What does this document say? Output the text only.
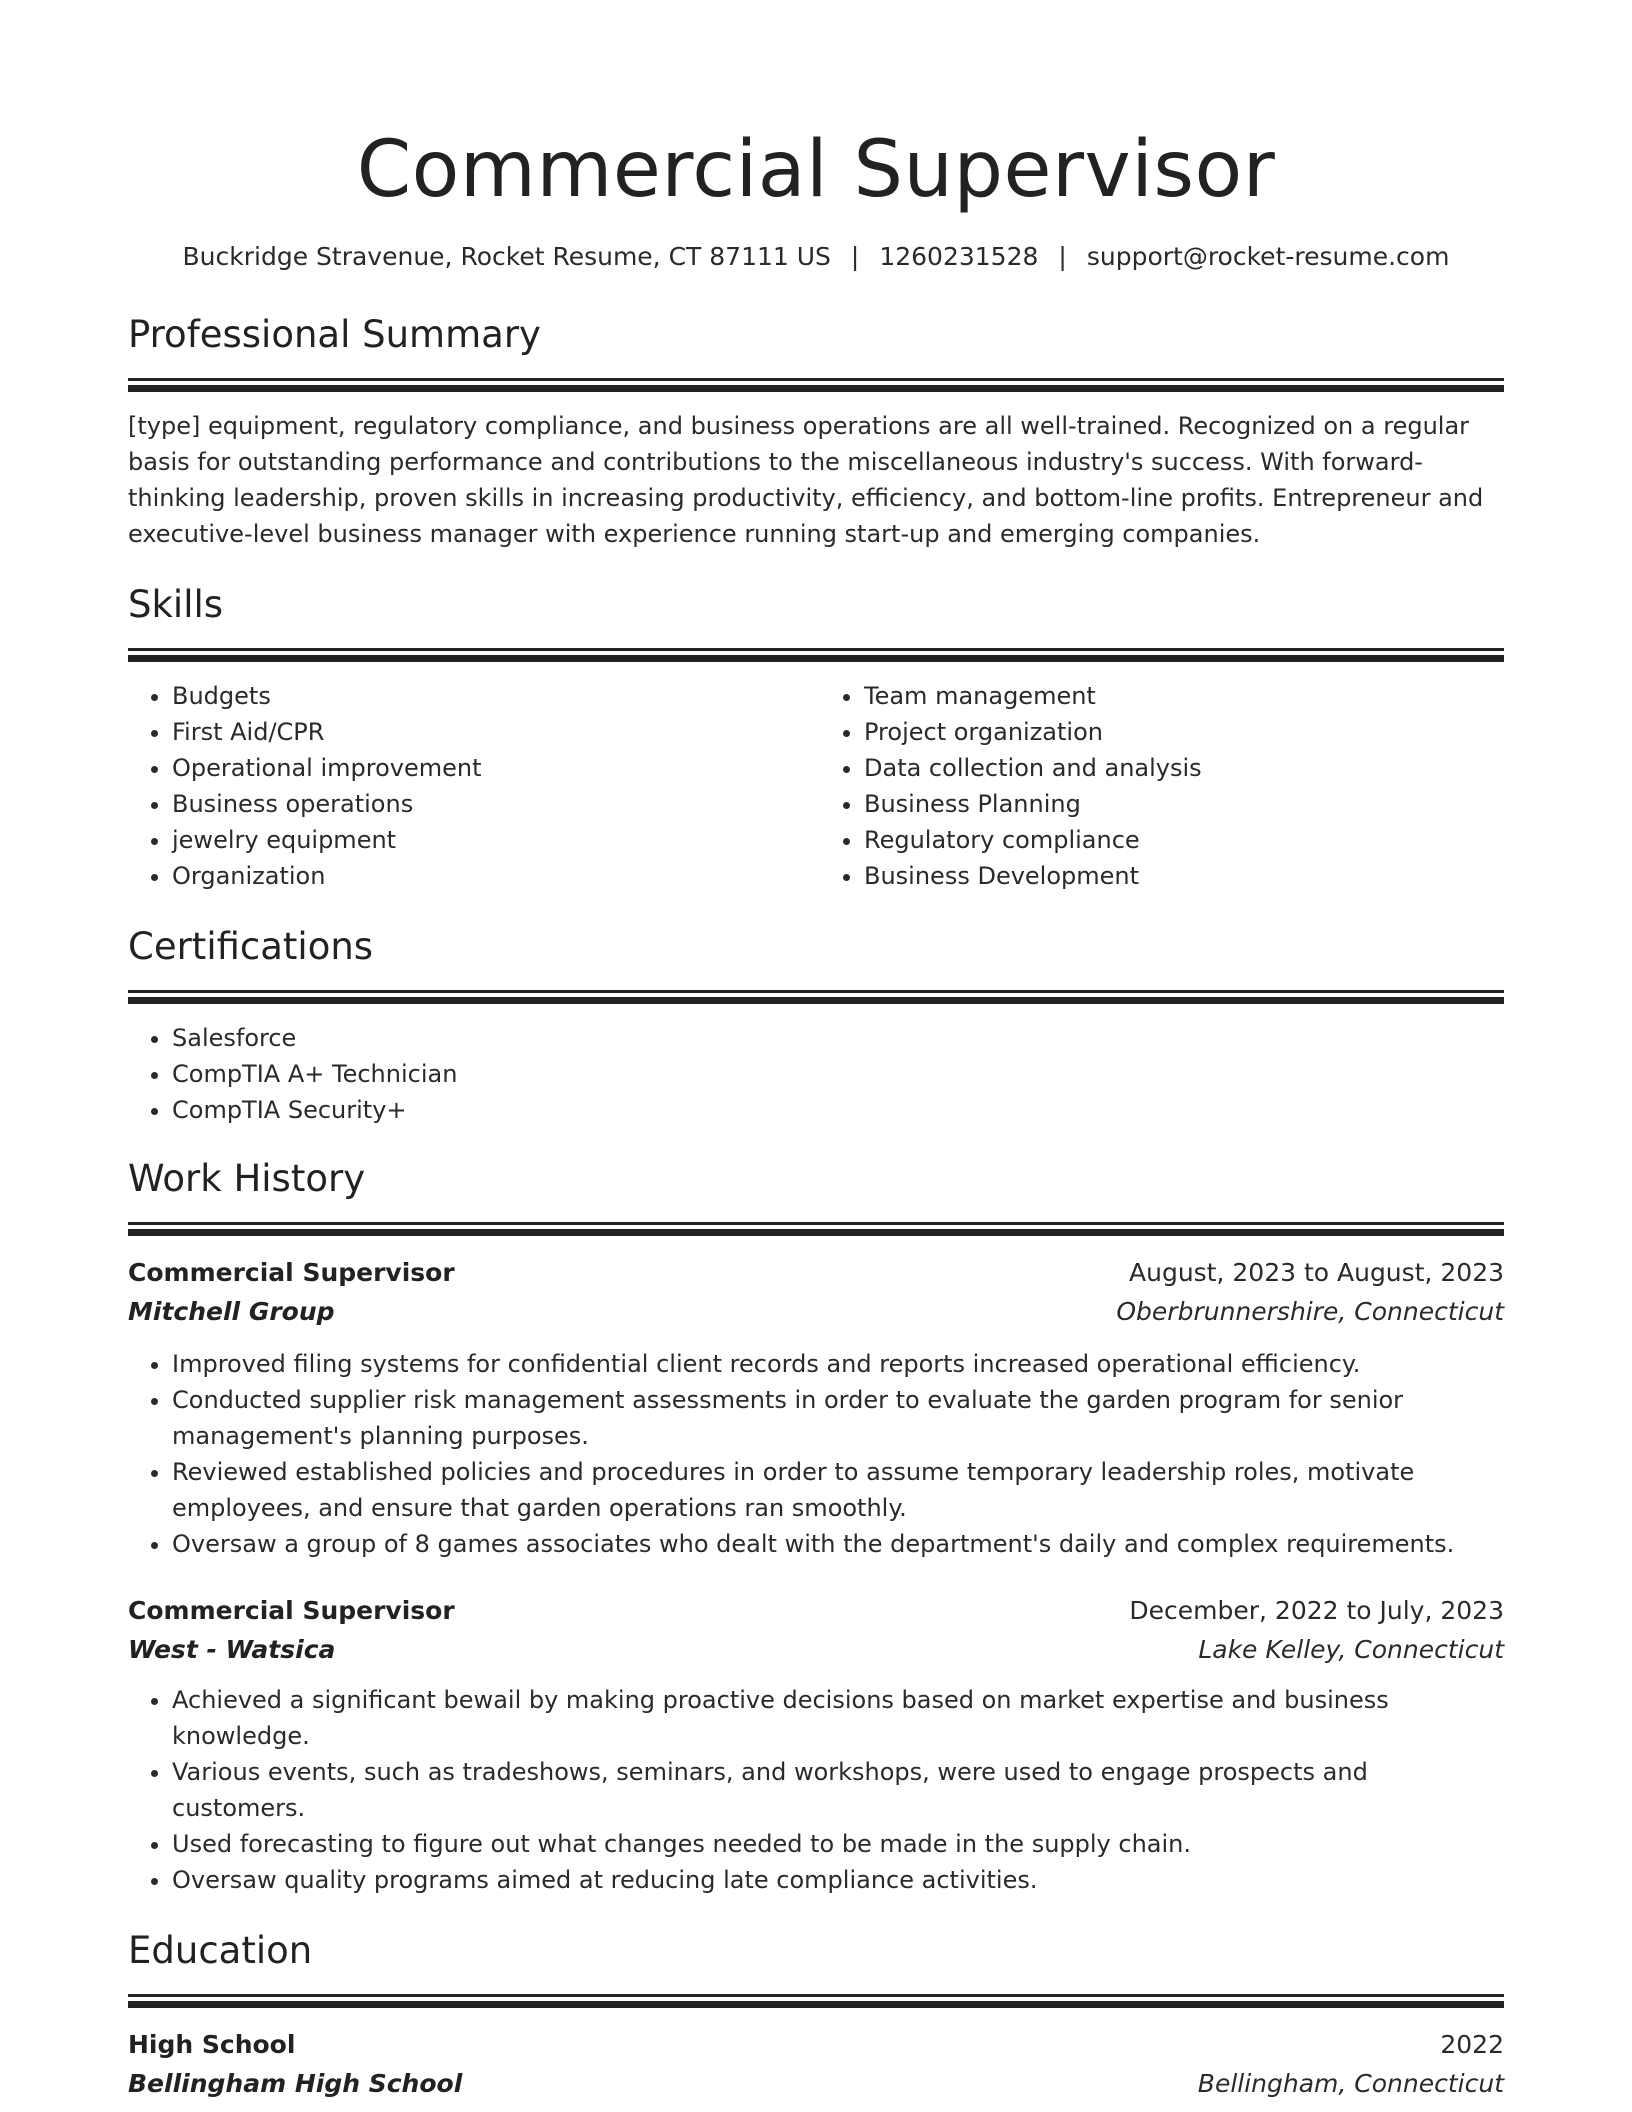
Commercial Supervisor
Buckridge Stravenue, Rocket Resume, CT 87111 US | 1260231528 | support@rocket-resume.com
Professional Summary

[type] equipment, regulatory compliance, and business operations are all well-trained. Recognized on a regular basis for outstanding performance and contributions to the miscellaneous industry's success. With forward-thinking leadership, proven skills in increasing productivity, efficiency, and bottom-line profits. Entrepreneur and executive-level business manager with experience running start-up and emerging companies.

Skills
• Budgets
• First Aid/CPR
• Operational improvement
• Business operations
• jewelry equipment
• Organization
• Team management
• Project organization
• Data collection and analysis
• Business Planning
• Regulatory compliance
• Business Development
Certifications
• Salesforce
• CompTIA A+ Technician
• CompTIA Security+
Work History
Commercial Supervisor	August, 2023 to August, 2023
Mitchell Group	Oberbrunnershire, Connecticut
• Improved filing systems for confidential client records and reports increased operational efficiency.
• Conducted supplier risk management assessments in order to evaluate the garden program for senior management's planning purposes.
• Reviewed established policies and procedures in order to assume temporary leadership roles, motivate employees, and ensure that garden operations ran smoothly.
• Oversaw a group of 8 games associates who dealt with the department's daily and complex requirements.
Commercial Supervisor	December, 2022 to July, 2023
West - Watsica	Lake Kelley, Connecticut
• Achieved a significant bewail by making proactive decisions based on market expertise and business knowledge.
• Various events, such as tradeshows, seminars, and workshops, were used to engage prospects and customers.
• Used forecasting to figure out what changes needed to be made in the supply chain.
• Oversaw quality programs aimed at reducing late compliance activities.
Education
High School	2022
Bellingham High School	Bellingham, Connecticut
